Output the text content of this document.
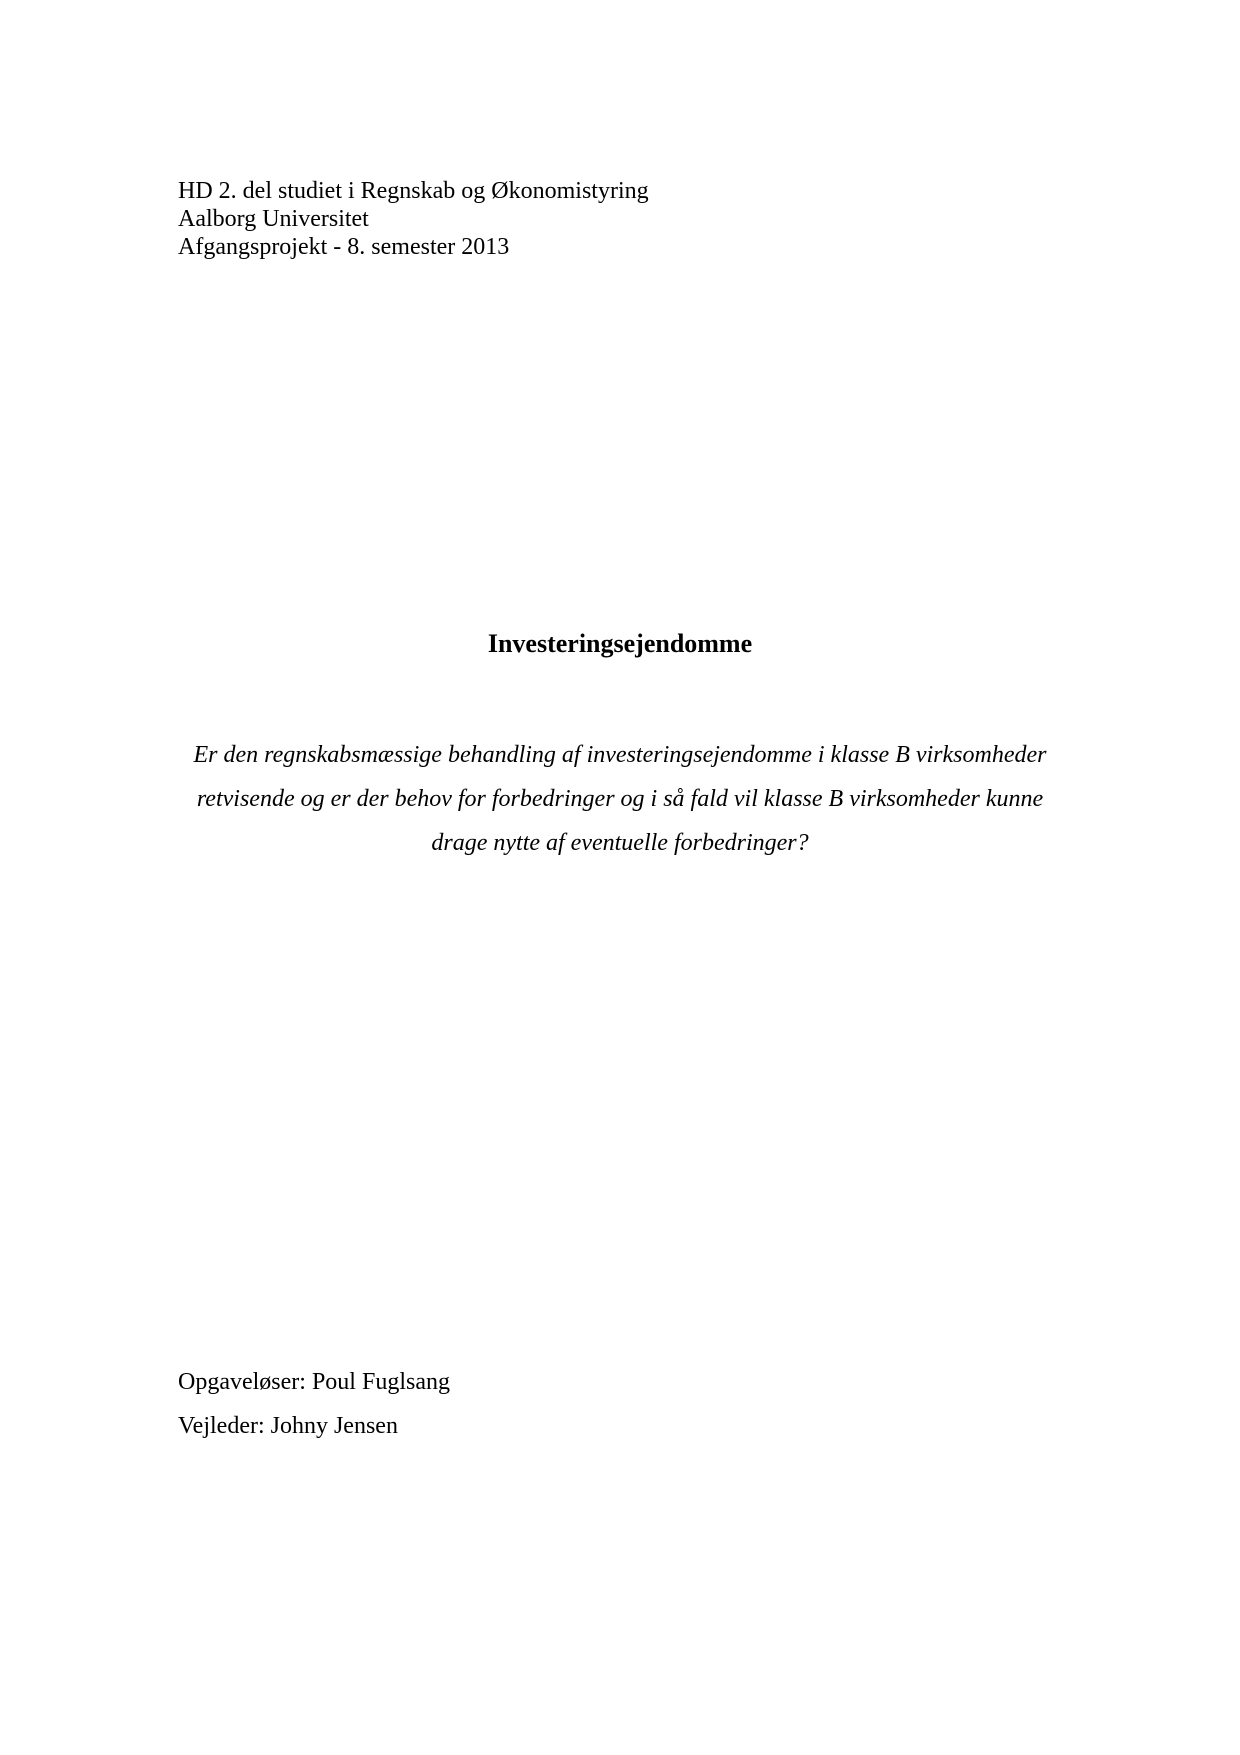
HD 2. del studiet i Regnskab og Økonomistyring
Aalborg Universitet
Afgangsprojekt - 8. semester 2013
Investeringsejendomme
Er den regnskabsmæssige behandling af investeringsejendomme i klasse B virksomheder
retvisende og er der behov for forbedringer og i så fald vil klasse B virksomheder kunne
drage nytte af eventuelle forbedringer?
Opgaveløser: Poul Fuglsang
Vejleder: Johny Jensen
